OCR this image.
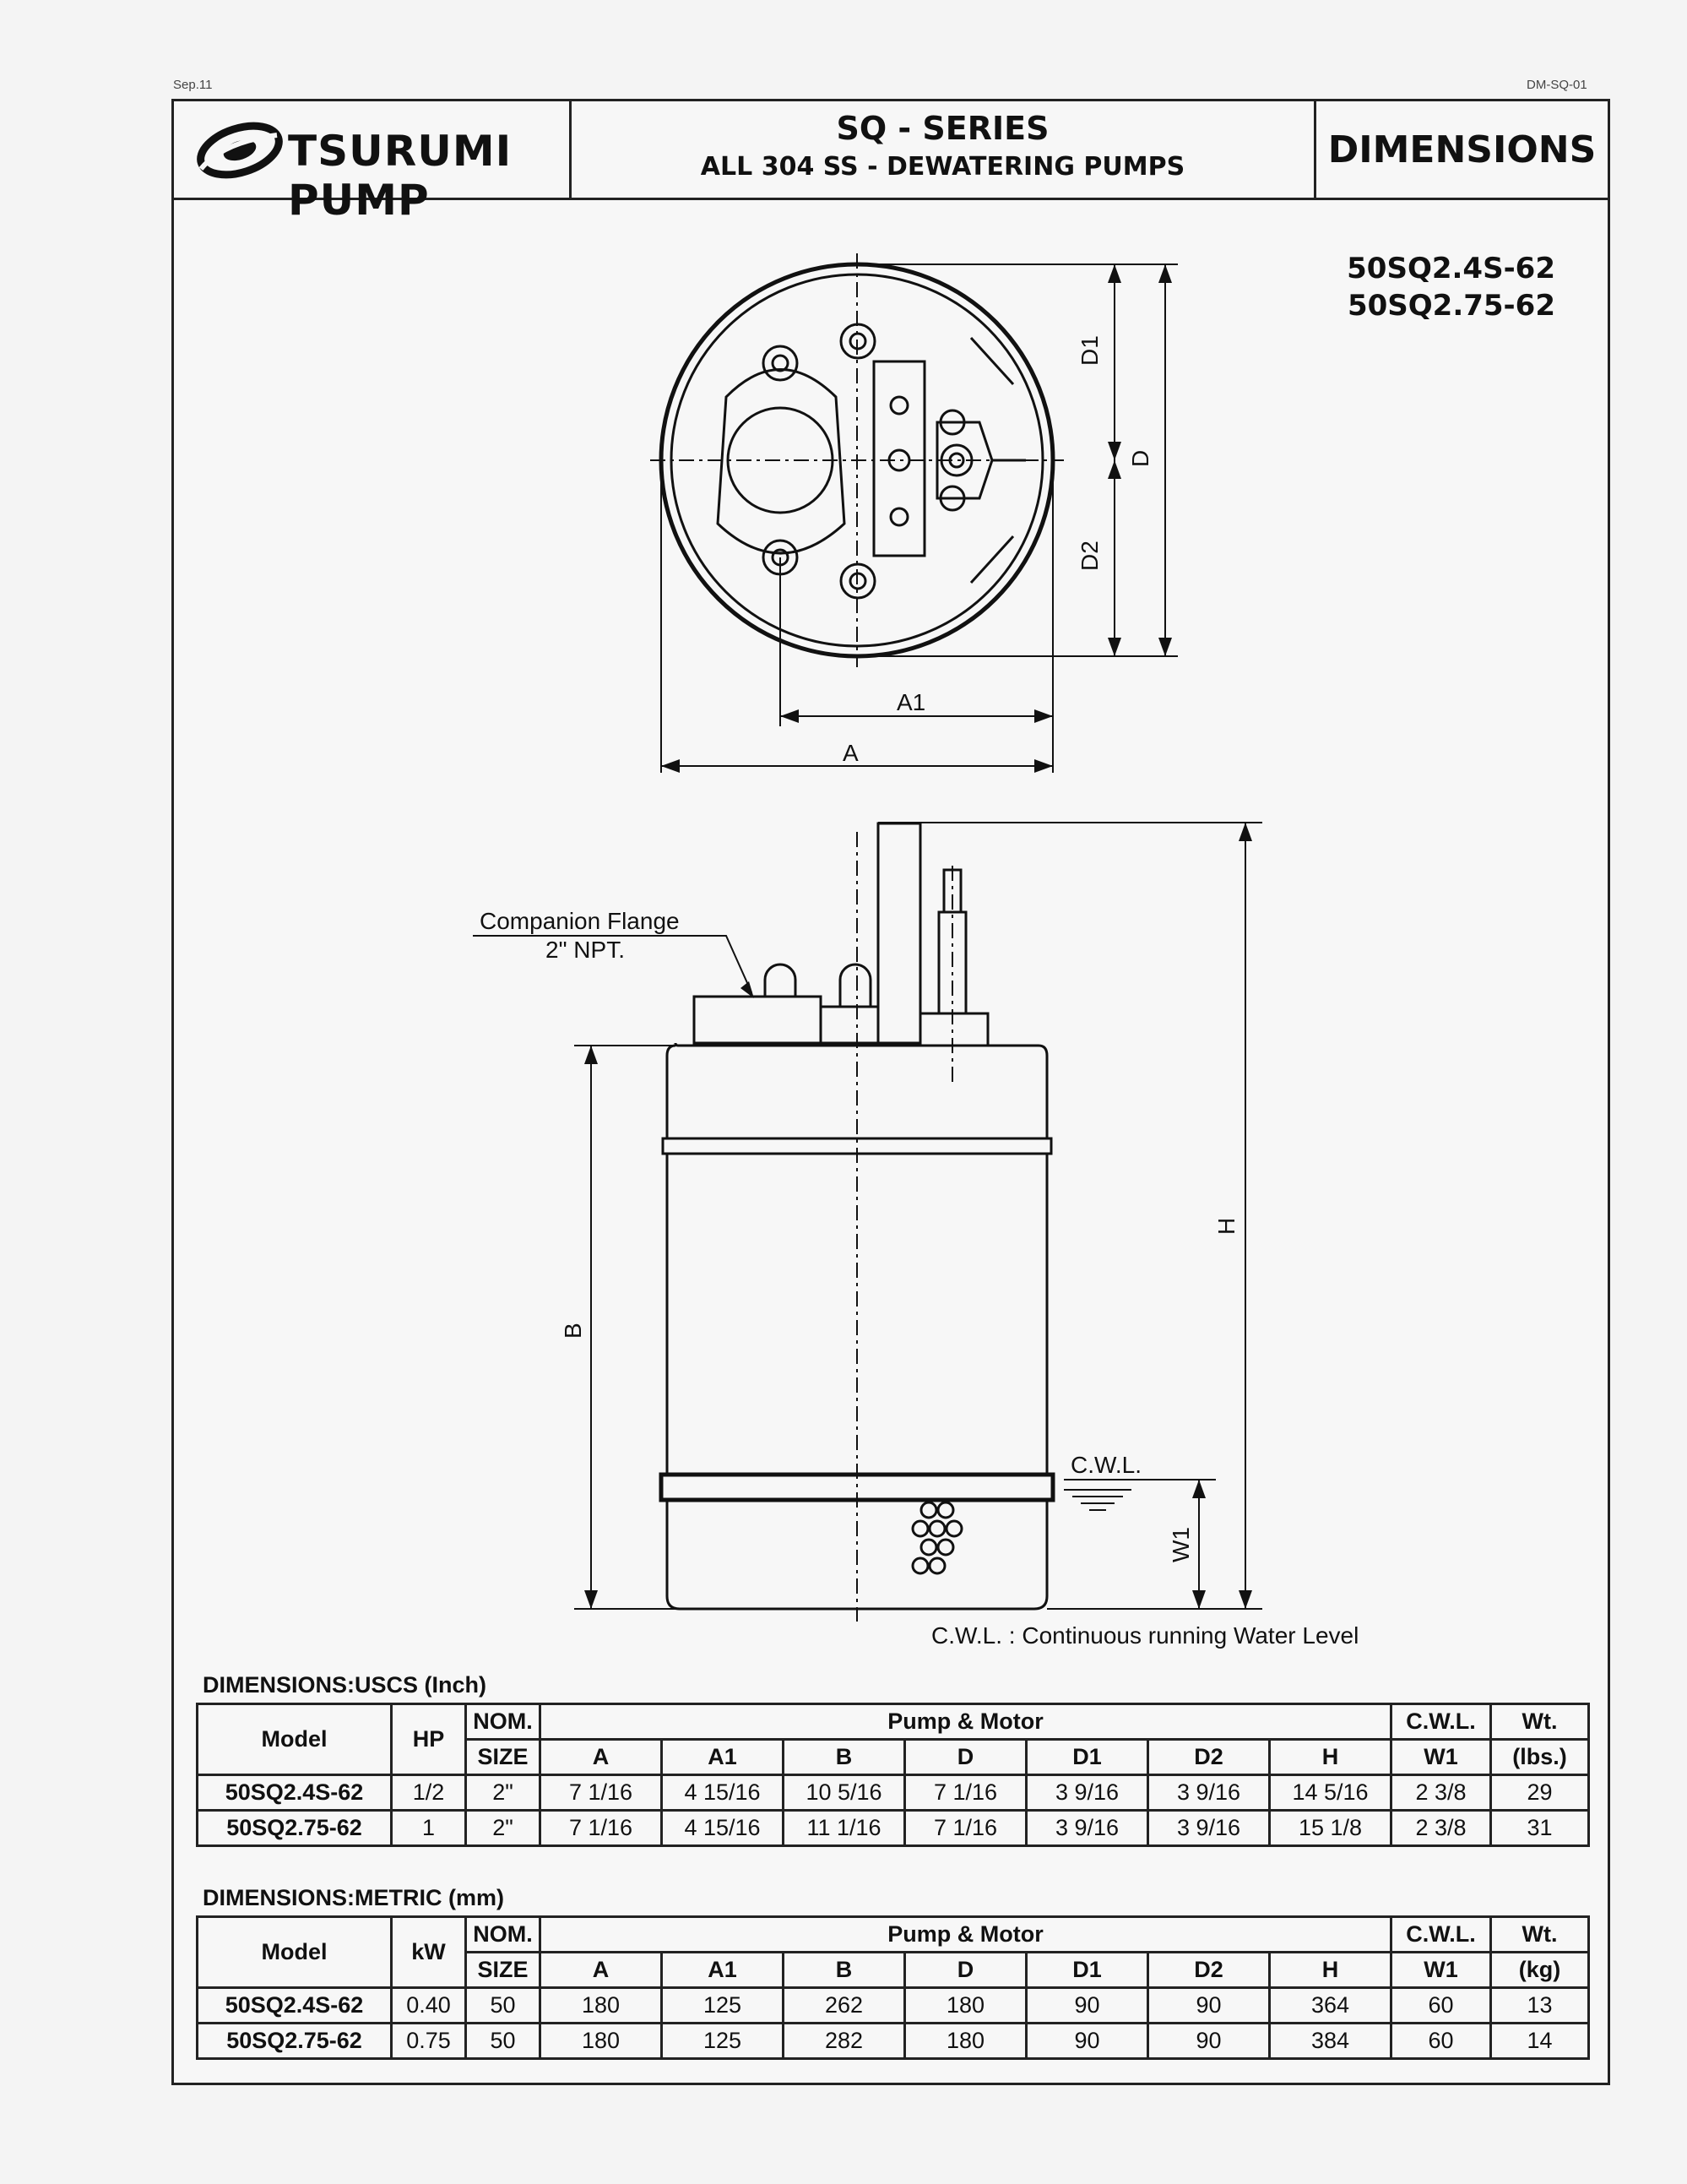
Sep.11	DM-SQ-01
TSURUMI PUMP
SQ - SERIES
ALL 304 SS - DEWATERING PUMPS	DIMENSIONS
50SQ2.4S-62
50SQ2.75-62
D1
D
D2
A1
A
H
B
W1
C.W.L.
Companion Flange
2" NPT.
C.W.L. : Continuous running Water Level
DIMENSIONS:USCS (Inch)
Model	HP	NOM.	Pump & Motor							C.W.L.	Wt.
		SIZE	A	A1	B	D	D1	D2	H	W1	(lbs.)
50SQ2.4S-62	1/2	2"	7 1/16	4 15/16	10 5/16	7 1/16	3 9/16	3 9/16	14 5/16	2 3/8	29
50SQ2.75-62	1	2"	7 1/16	4 15/16	11 1/16	7 1/16	3 9/16	3 9/16	15 1/8	2 3/8	31
DIMENSIONS:METRIC (mm)
Model	kW	NOM.	Pump & Motor							C.W.L.	Wt.
		SIZE	A	A1	B	D	D1	D2	H	W1	(kg)
50SQ2.4S-62	0.40	50	180	125	262	180	90	90	364	60	13
50SQ2.75-62	0.75	50	180	125	282	180	90	90	384	60	14
